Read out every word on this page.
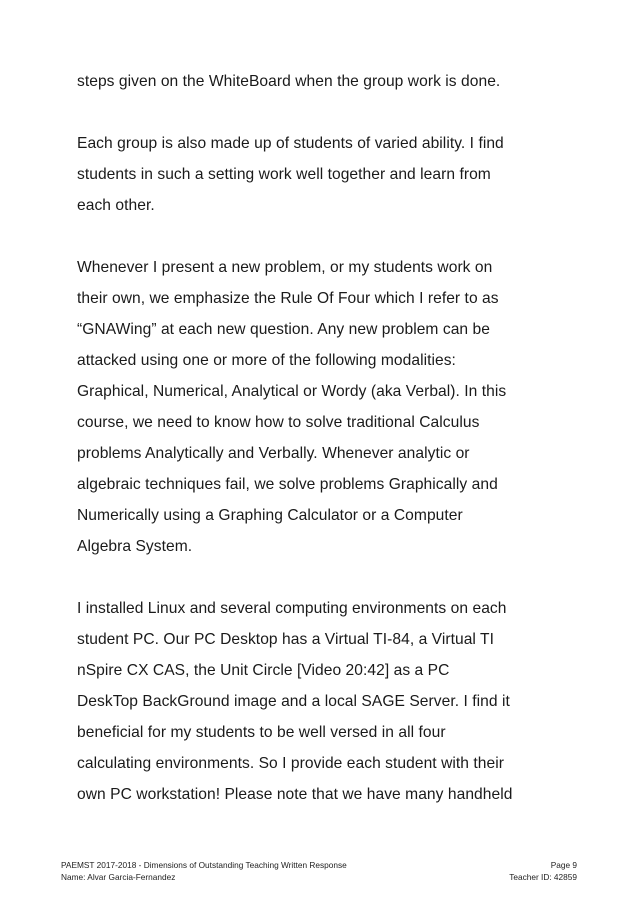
steps given on the WhiteBoard when the group work is done.

Each group is also made up of students of varied ability. I find
students in such a setting work well together and learn from
each other.

Whenever I present a new problem, or my students work on
their own, we emphasize the Rule Of Four which I refer to as
“GNAWing” at each new question. Any new problem can be
attacked using one or more of the following modalities:
Graphical, Numerical, Analytical or Wordy (aka Verbal). In this
course, we need to know how to solve traditional Calculus
problems Analytically and Verbally. Whenever analytic or
algebraic techniques fail, we solve problems Graphically and
Numerically using a Graphing Calculator or a Computer
Algebra System.

I installed Linux and several computing environments on each
student PC. Our PC Desktop has a Virtual TI-84, a Virtual TI
nSpire CX CAS, the Unit Circle [Video 20:42] as a PC
DeskTop BackGround image and a local SAGE Server. I find it
beneficial for my students to be well versed in all four
calculating environments. So I provide each student with their
own PC workstation! Please note that we have many handheld

PAEMST 2017-2018 - Dimensions of Outstanding Teaching Written Response	Page 9
Name: Alvar Garcia-Fernandez	Teacher ID: 42859
